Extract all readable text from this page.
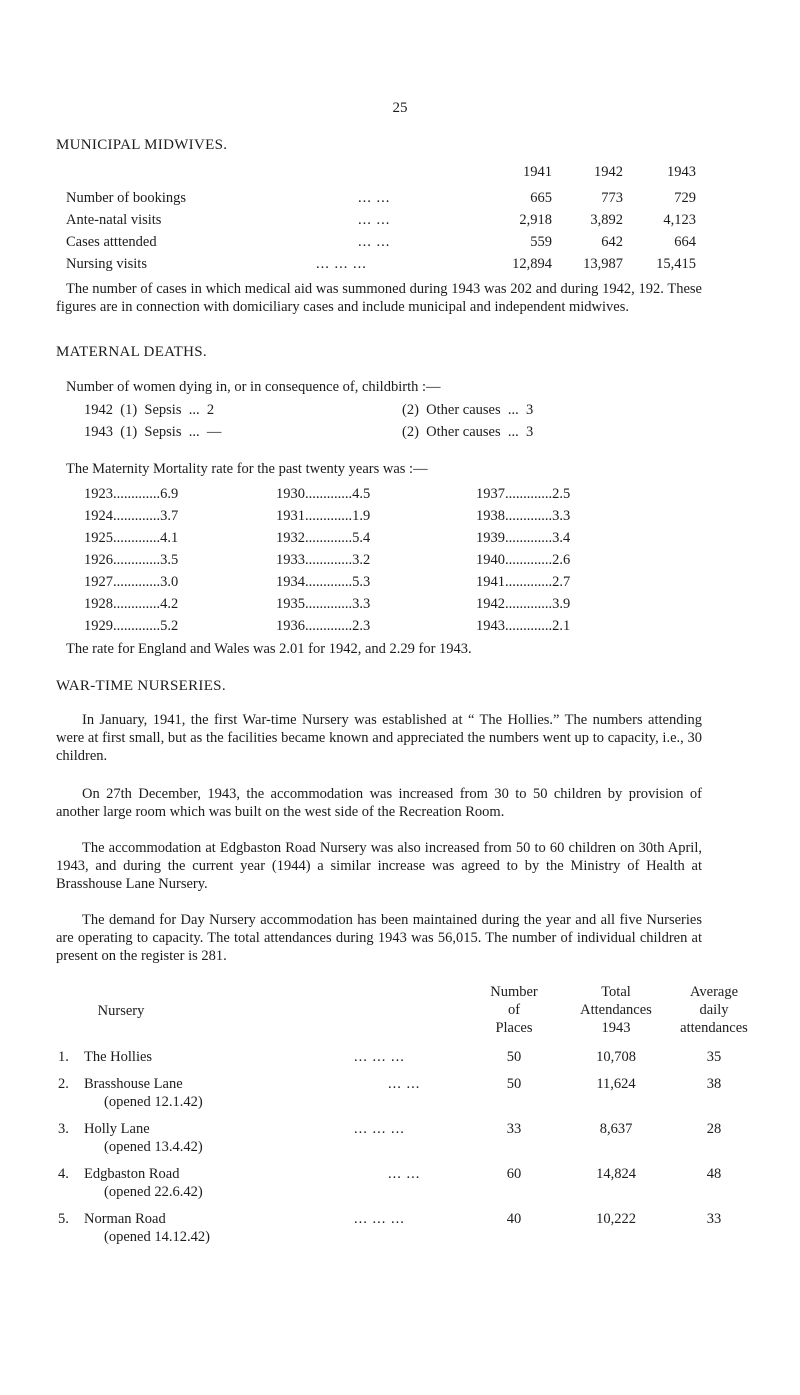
25
MUNICIPAL MIDWIVES.
1941	1942	1943
Number of bookings	... ...	665	773	729
Ante-natal visits	... ...	2,918	3,892	4,123
Cases atttended	... ...	559	642	664
Nursing visits	... ... ...	12,894	13,987	15,415

The number of cases in which medical aid was summoned during 1943 was 202 and during 1942, 192. These figures are in connection with domiciliary cases and include municipal and independent midwives.

MATERNAL DEATHS.
Number of women dying in, or in consequence of, childbirth :—
1942  (1)  Sepsis  ...  2	(2)  Other causes  ...  3
1943  (1)  Sepsis  ...  —	(2)  Other causes  ...  3
The Maternity Mortality rate for the past twenty years was :—
1923.............6.9	1930.............4.5	1937.............2.5
1924.............3.7	1931.............1.9	1938.............3.3
1925.............4.1	1932.............5.4	1939.............3.4
1926.............3.5	1933.............3.2	1940.............2.6
1927.............3.0	1934.............5.3	1941.............2.7
1928.............4.2	1935.............3.3	1942.............3.9
1929.............5.2	1936.............2.3	1943.............2.1
The rate for England and Wales was 2.01 for 1942, and 2.29 for 1943.
WAR-TIME NURSERIES.

In January, 1941, the first War-time Nursery was established at “ The Hollies.” The numbers attending were at first small, but as the facilities became known and appreciated the numbers went up to capacity, i.e., 30 children.

On 27th December, 1943, the accommodation was increased from 30 to 50 children by provision of another large room which was built on the west side of the Recreation Room.

The accommodation at Edgbaston Road Nursery was also increased from 50 to 60 children on 30th April, 1943, and during the current year (1944) a similar increase was agreed to by the Ministry of Health at Brasshouse Lane Nursery.

The demand for Day Nursery accommodation has been maintained during the year and all five Nurseries are operating to capacity. The total attendances during 1943 was 56,015. The number of individual children at present on the register is 281.

Nursery
Number
of
Places
Total
Attendances
1943
Average
daily
attendances
1.	The Hollies	... ... ...	50	10,708	35
2.	Brasshouse Lane
(opened 12.1.42)
... ...	50	11,624	38
3.	Holly Lane
(opened 13.4.42)
... ... ...	33	8,637	28
4.	Edgbaston Road
(opened 22.6.42)
... ...	60	14,824	48
5.	Norman Road
(opened 14.12.42)
... ... ...	40	10,222	33
